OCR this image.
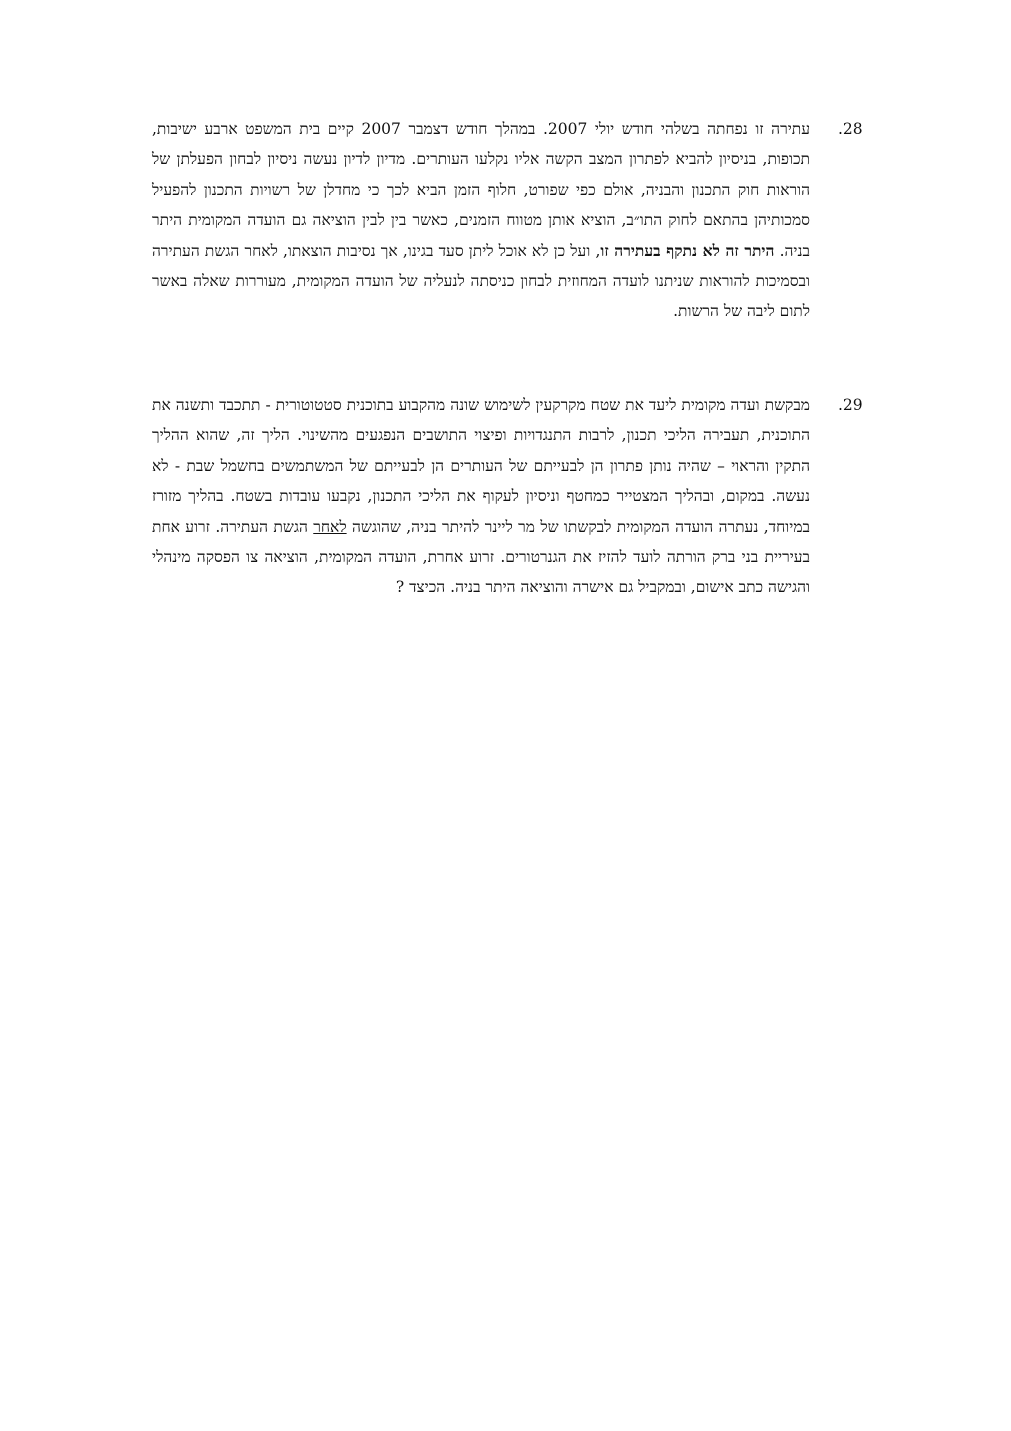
.28

עתירה זו נפחתה בשלהי חודש יולי 2007. במהלך חודש דצמבר 2007 קיים בית המשפט ארבע ישיבות, תכופות, בניסיון להביא לפתרון המצב הקשה אליו נקלעו העותרים. מדיון לדיון נעשה ניסיון לבחון הפעלתן של הוראות חוק התכנון והבניה, אולם כפי שפורט, חלוף הזמן הביא לכך כי מחדלן של רשויות התכנון להפעיל סמכותיהן בהתאם לחוק התו״ב, הוציא אותן מטווח הזמנים, כאשר בין לבין הוציאה גם הועדה המקומית היתר בניה. היתר זה לא נתקף בעתירה זו, ועל כן לא אוכל ליתן סעד בגינו, אך נסיבות הוצאתו, לאחר הגשת העתירה ובסמיכות להוראות שניתנו לועדה המחוזית לבחון כניסתה לנעליה של הועדה המקומית, מעוררות שאלה באשר לתום ליבה של הרשות.

.29

מבקשת ועדה מקומית ליעד את שטח מקרקעין לשימוש שונה מהקבוע בתוכנית סטטוטורית - תתכבד ותשנה את התוכנית, תעבירה הליכי תכנון, לרבות התנגדויות ופיצוי התושבים הנפגעים מהשינוי. הליך זה, שהוא ההליך התקין והראוי – שהיה נותן פתרון הן לבעייתם של העותרים הן לבעייתם של המשתמשים בחשמל שבת - לא נעשה. במקום, ובהליך המצטייר כמחטף וניסיון לעקוף את הליכי התכנון, נקבעו עובדות בשטח. בהליך מזורז במיוחד, נעתרה הועדה המקומית לבקשתו של מר ליינר להיתר בניה, שהוגשה לאחר הגשת העתירה. זרוע אחת בעיריית בני ברק הורתה לועד להזיז את הגנרטורים. זרוע אחרת, הועדה המקומית, הוציאה צו הפסקה מינהלי והגישה כתב אישום, ובמקביל גם אישרה והוציאה היתר בניה. הכיצד ?
